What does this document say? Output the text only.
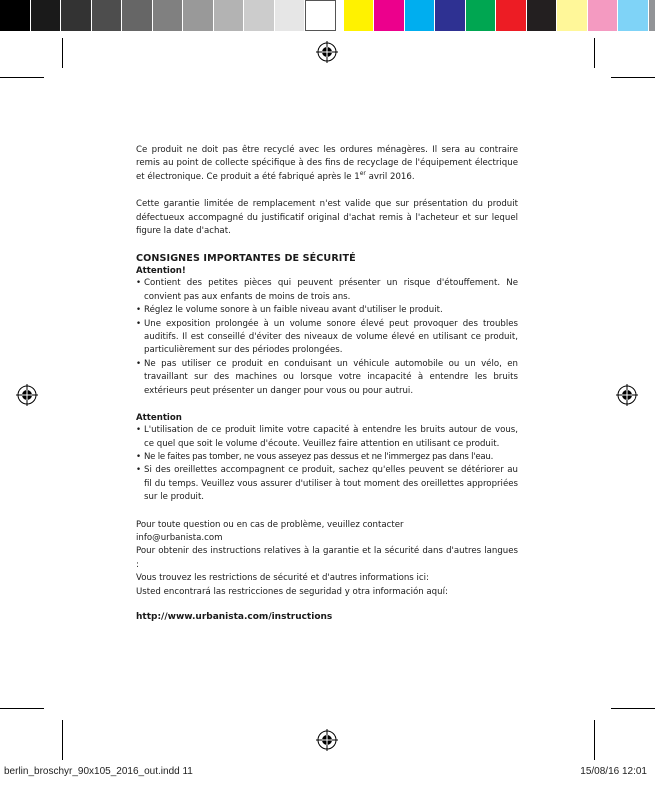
Ce produit ne doit pas être recyclé avec les ordures ménagères. Il sera au contraire remis au point de collecte spécifique à des fins de recyclage de l'équipement électrique et électronique. Ce produit a été fabriqué après le 1er avril 2016.

Cette garantie limitée de remplacement n'est valide que sur présentation du produit défectueux accompagné du justificatif original d'achat remis à l'acheteur et sur lequel figure la date d'achat.

CONSIGNES IMPORTANTES DE SÉCURITÉ
Attention!
• Contient des petites pièces qui peuvent présenter un risque d'étouffement. Ne convient pas aux enfants de moins de trois ans.
• Réglez le volume sonore à un faible niveau avant d'utiliser le produit.
• Une exposition prolongée à un volume sonore élevé peut provoquer des troubles auditifs. Il est conseillé d'éviter des niveaux de volume élevé en utilisant ce produit, particulièrement sur des périodes prolongées.
• Ne pas utiliser ce produit en conduisant un véhicule automobile ou un vélo, en travaillant sur des machines ou lorsque votre incapacité à entendre les bruits extérieurs peut présenter un danger pour vous ou pour autrui.
Attention
• L'utilisation de ce produit limite votre capacité à entendre les bruits autour de vous, ce quel que soit le volume d'écoute. Veuillez faire attention en utilisant ce produit.
• Ne le faites pas tomber, ne vous asseyez pas dessus et ne l'immergez pas dans l'eau.
• Si des oreillettes accompagnent ce produit, sachez qu'elles peuvent se détériorer au fil du temps. Veuillez vous assurer d'utiliser à tout moment des oreillettes appropriées sur le produit.

Pour toute question ou en cas de problème, veuillez contacter

info@urbanista.com

Pour obtenir des instructions relatives à la garantie et la sécurité dans d'autres langues :

Vous trouvez les restrictions de sécurité et d'autres informations ici:

Usted encontrará las restricciones de seguridad y otra información aquí:

http://www.urbanista.com/instructions

berlin_broschyr_90x105_2016_out.indd 11	15/08/16 12:01
